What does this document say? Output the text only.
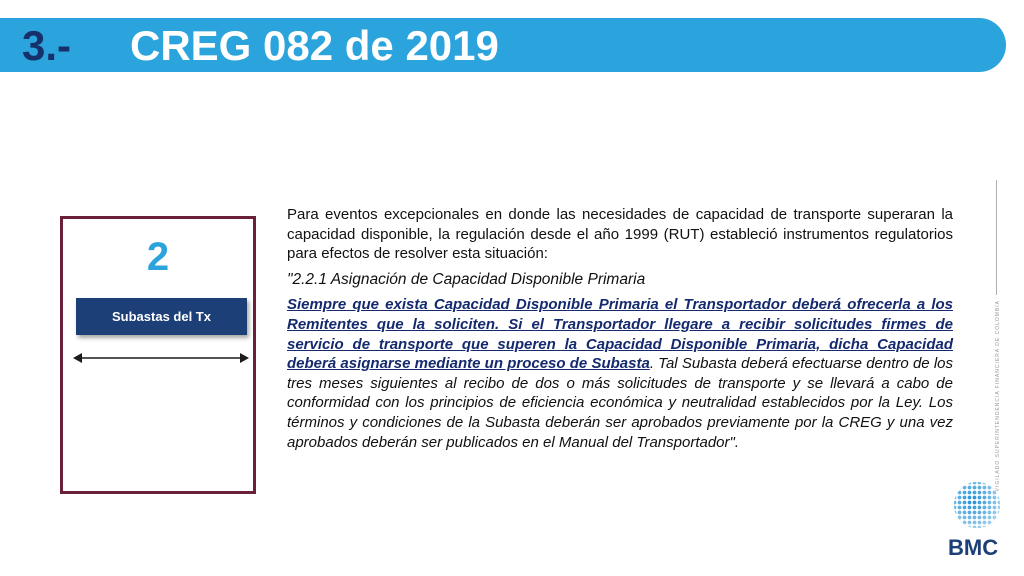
3.- CREG 082 de 2019
2
Subastas del Tx

Para eventos excepcionales en donde las necesidades de capacidad de transporte superaran la capacidad disponible, la regulación desde el año 1999 (RUT) estableció instrumentos regulatorios para efectos de resolver esta situación:

"2.2.1 Asignación de Capacidad Disponible Primaria

Siempre que exista Capacidad Disponible Primaria el Transportador deberá ofrecerla a los Remitentes que la soliciten. Si el Transportador llegare a recibir solicitudes firmes de servicio de transporte que superen la Capacidad Disponible Primaria, dicha Capacidad deberá asignarse mediante un proceso de Subasta. Tal Subasta deberá efectuarse dentro de los tres meses siguientes al recibo de dos o más solicitudes de transporte y se llevará a cabo de conformidad con los principios de eficiencia económica y neutralidad establecidos por la Ley. Los términos y condiciones de la Subasta deberán ser aprobados previamente por la CREG y una vez aprobados deberán ser publicados en el Manual del Transportador".	VIGILADO SUPERINTENDENCIA FINANCIERA DE COLOMBIA
BMC
